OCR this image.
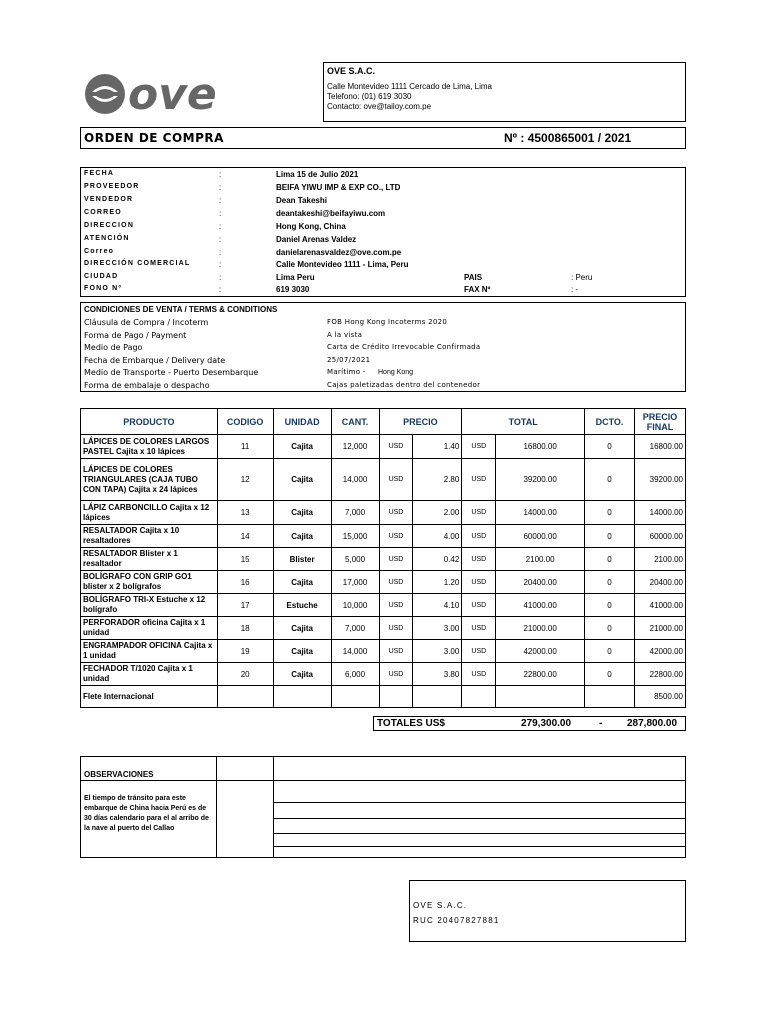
ove	OVE S.A.C.
Calle Montevideo 1111 Cercado de Lima, Lima
Telefono: (01) 619 3030
Contacto: ove@tailoy.com.pe
ORDEN DE COMPRA	Nº : 4500865001 / 2021
FECHA	:	Lima 15 de Julio 2021
PROVEEDOR	:	BEIFA YIWU IMP & EXP CO., LTD
VENDEDOR	:	Dean Takeshi
CORREO	:	deantakeshi@beifayiwu.com
DIRECCION	:	Hong Kong, China
ATENCIÓN	:	Daniel Arenas Valdez
Correo	:	danielarenasvaldez@ove.com.pe
DIRECCIÓN COMERCIAL	:	Calle Montevideo 1111 - Lima, Peru
CIUDAD	:	Lima Peru
FONO Nº	:	619 3030
PAIS	: Peru
FAX Nº	: -
CONDICIONES DE VENTA / TERMS & CONDITIONS
Cláusula de Compra / Incoterm	FOB Hong Kong Incoterms 2020
Forma de Pago / Payment	A la vista
Medio de Pago	Carta de Crédito Irrevocable Confirmada
Fecha de Embarque / Delivery date	25/07/2021
Medio de Transporte - Puerto Desembarque	Marítimo -
Forma de embalaje o despacho	Cajas paletizadas dentro del contenedor
Hong Kong
PRODUCTO	CODIGO	UNIDAD	CANT.	PRECIO		TOTAL		DCTO.	PRECIO FINAL
LÁPICES DE COLORES LARGOS PASTEL Cajita x 10 lápices	11	Cajita	12,000	USD	1.40	USD	16800.00	0	16800.00
LÁPICES DE COLORES TRIANGULARES (CAJA TUBO CON TAPA) Cajita x 24 lápices	12	Cajita	14,000	USD	2.80	USD	39200.00	0	39200.00
LÁPIZ CARBONCILLO Cajita x 12 lápices	13	Cajita	7,000	USD	2.00	USD	14000.00	0	14000.00
RESALTADOR Cajita x 10 resaltadores	14	Cajita	15,000	USD	4.00	USD	60000.00	0	60000.00
RESALTADOR Blister x 1 resaltador	15	Blister	5,000	USD	0.42	USD	2100.00	0	2100.00
BOLÍGRAFO CON GRIP GO1 blister x 2 bolígrafos	16	Cajita	17,000	USD	1.20	USD	20400.00	0	20400.00
BOLÍGRAFO TRI-X Estuche x 12 bolígrafo	17	Estuche	10,000	USD	4.10	USD	41000.00	0	41000.00
PERFORADOR oficina Cajita x 1 unidad	18	Cajita	7,000	USD	3.00	USD	21000.00	0	21000.00
ENGRAMPADOR OFICINA Cajita x 1 unidad	19	Cajita	14,000	USD	3.00	USD	42000.00	0	42000.00
FECHADOR T/1020 Cajita x 1 unidad	20	Cajita	6,000	USD	3.80	USD	22800.00	0	22800.00
Flete Internacional									8500.00
TOTALES US$	279,300.00	- 287,800.00
OBSERVACIONES
El tiempo de tránsito para este embarque de China hacia Perú es de 30 días calendario para el al arribo de la nave al puerto del Callao
OVE S.A.C.
RUC 20407827881
